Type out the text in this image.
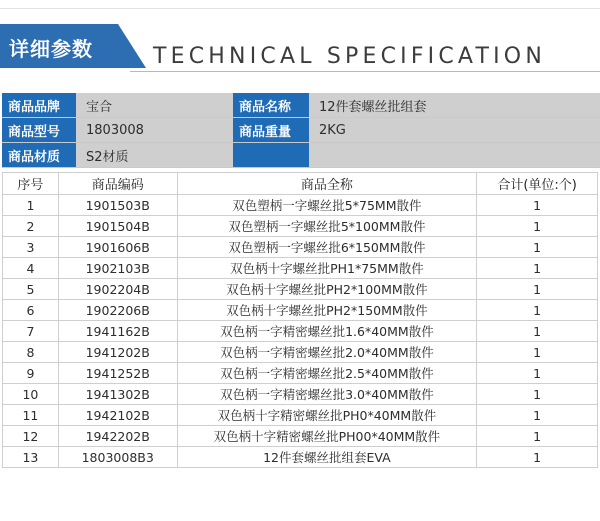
详细参数	TECHNICAL SPECIFICATION
商品品牌	宝合	商品名称	12件套螺丝批组套
商品型号	1803008	商品重量	2KG
商品材质	S2材质
序号	商品编码	商品全称	合计(单位:个)
1	1901503B	双色塑柄一字螺丝批5*75MM散件	1
2	1901504B	双色塑柄一字螺丝批5*100MM散件	1
3	1901606B	双色塑柄一字螺丝批6*150MM散件	1
4	1902103B	双色柄十字螺丝批PH1*75MM散件	1
5	1902204B	双色柄十字螺丝批PH2*100MM散件	1
6	1902206B	双色柄十字螺丝批PH2*150MM散件	1
7	1941162B	双色柄一字精密螺丝批1.6*40MM散件	1
8	1941202B	双色柄一字精密螺丝批2.0*40MM散件	1
9	1941252B	双色柄一字精密螺丝批2.5*40MM散件	1
10	1941302B	双色柄一字精密螺丝批3.0*40MM散件	1
11	1942102B	双色柄十字精密螺丝批PH0*40MM散件	1
12	1942202B	双色柄十字精密螺丝批PH00*40MM散件	1
13	1803008B3	12件套螺丝批组套EVA	1
